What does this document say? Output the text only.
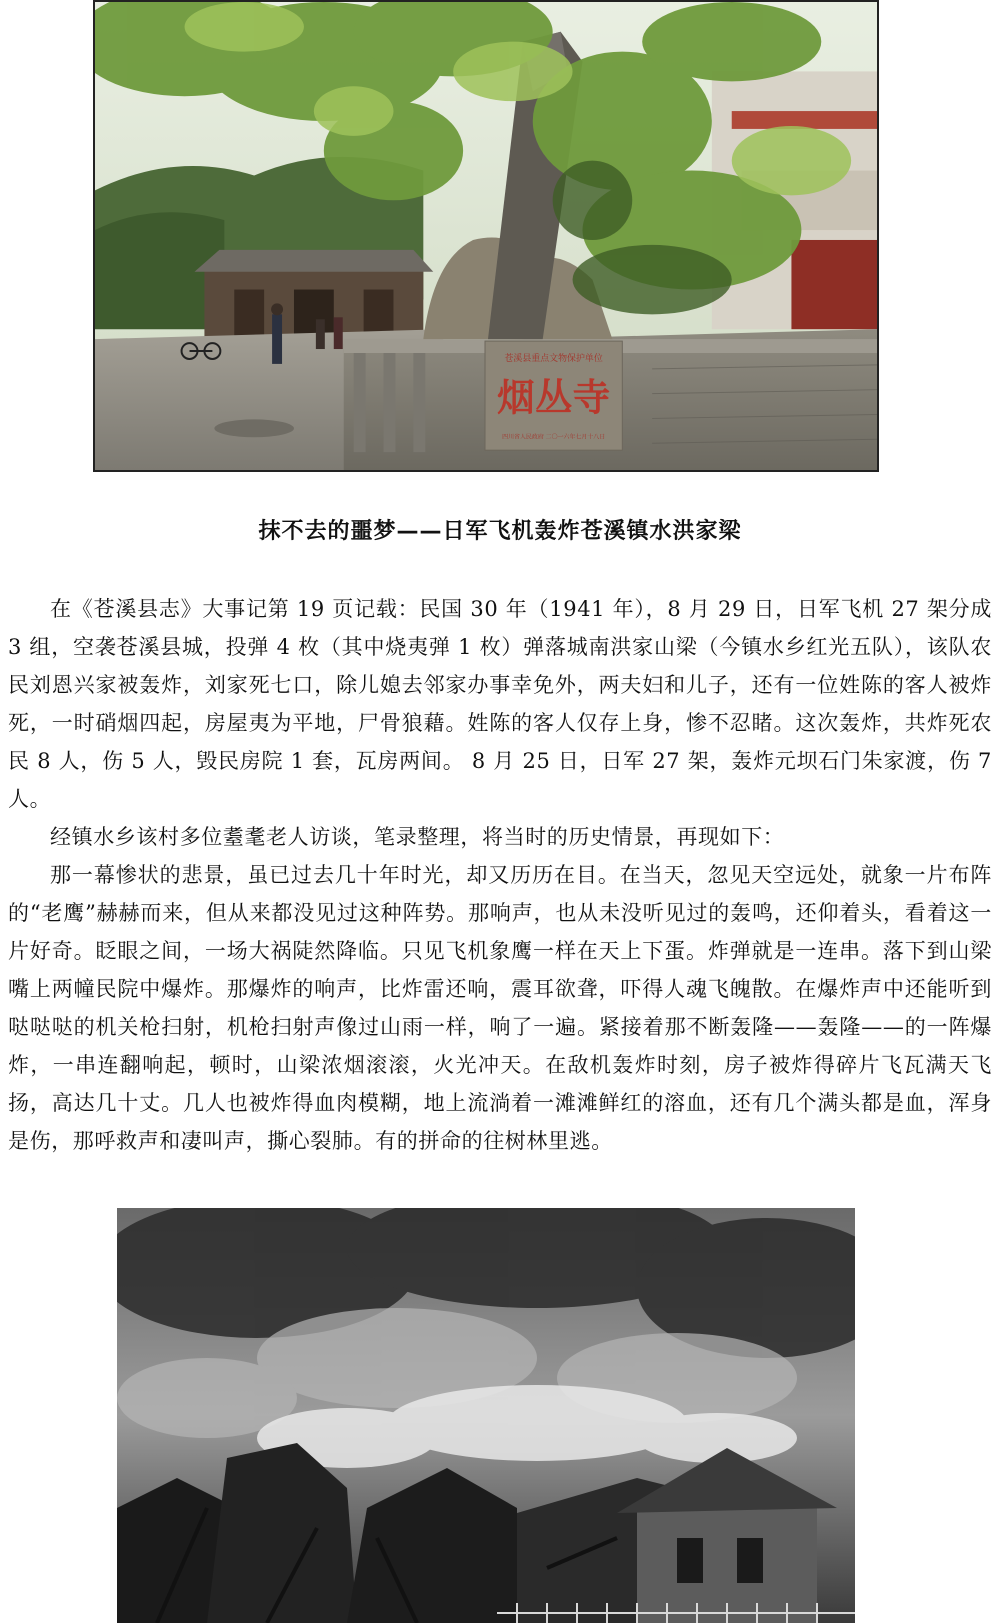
苍溪县重点文物保护单位
烟丛寺
四川省人民政府 二〇一六年七月十八日
抹不去的噩梦——日军飞机轰炸苍溪镇水洪家梁

在《苍溪县志》大事记第 19 页记载：民国 30 年（1941 年），8 月 29 日，日军飞机 27 架分成 3 组，空袭苍溪县城，投弹 4 枚（其中烧夷弹 1 枚）弹落城南洪家山梁（今镇水乡红光五队），该队农民刘恩兴家被轰炸，刘家死七口，除儿媳去邻家办事幸免外，两夫妇和儿子，还有一位姓陈的客人被炸死，一时硝烟四起，房屋夷为平地，尸骨狼藉。姓陈的客人仅存上身，惨不忍睹。这次轰炸，共炸死农民 8 人，伤 5 人，毁民房院 1 套，瓦房两间。 8 月 25 日，日军 27 架，轰炸元坝石门朱家渡，伤 7 人。

经镇水乡该村多位耋耄老人访谈，笔录整理，将当时的历史情景，再现如下：

那一幕惨状的悲景，虽已过去几十年时光，却又历历在目。在当天，忽见天空远处，就象一片布阵的“老鹰”赫赫而来，但从来都没见过这种阵势。那响声，也从未没听见过的轰鸣，还仰着头，看着这一片好奇。眨眼之间，一场大祸陡然降临。只见飞机象鹰一样在天上下蛋。炸弹就是一连串。落下到山梁嘴上两幢民院中爆炸。那爆炸的响声，比炸雷还响，震耳欲聋，吓得人魂飞魄散。在爆炸声中还能听到哒哒哒的机关枪扫射，机枪扫射声像过山雨一样，响了一遍。紧接着那不断轰隆——轰隆——的一阵爆炸，一串连翻响起，顿时，山梁浓烟滚滚，火光冲天。在敌机轰炸时刻，房子被炸得碎片飞瓦满天飞扬，高达几十丈。几人也被炸得血肉模糊，地上流淌着一滩滩鲜红的溶血，还有几个满头都是血，浑身是伤，那呼救声和凄叫声，撕心裂肺。有的拼命的往树林里逃。
